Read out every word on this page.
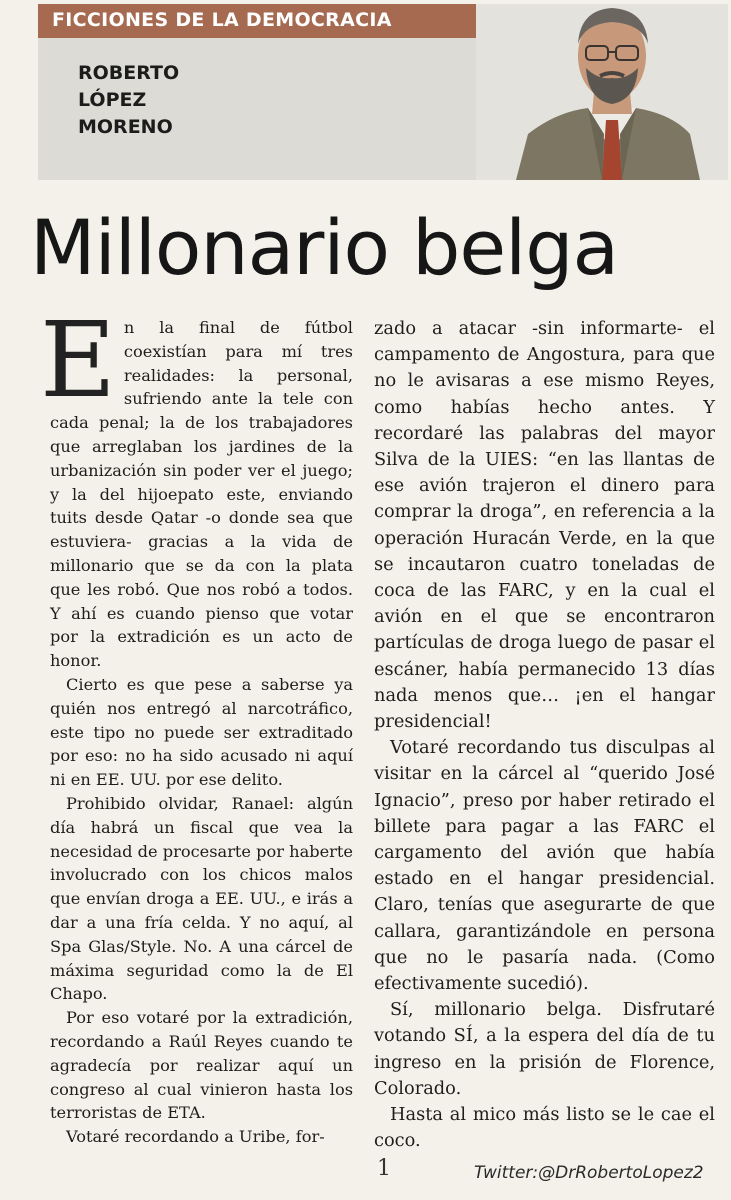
FICCIONES DE LA DEMOCRACIA
ROBERTO
LÓPEZ
MORENO
Millonario belga

En la final de fútbol coexistían para mí tres realidades: la personal, sufriendo ante la tele con cada penal; la de los trabajadores que arreglaban los jardines de la urbanización sin poder ver el juego; y la del hijoepato este, enviando tuits desde Qatar -o donde sea que estuviera- gracias a la vida de millonario que se da con la plata que les robó. Que nos robó a todos. Y ahí es cuando pienso que votar por la extradición es un acto de honor.

Cierto es que pese a saberse ya quién nos entregó al narcotráfico, este tipo no puede ser extraditado por eso: no ha sido acusado ni aquí ni en EE. UU. por ese delito.

Prohibido olvidar, Ranael: algún día habrá un fiscal que vea la necesidad de procesarte por haberte involucrado con los chicos malos que envían droga a EE. UU., e irás a dar a una fría celda. Y no aquí, al Spa Glas/Style. No. A una cárcel de máxima seguridad como la de El Chapo.

Por eso votaré por la extradición, recordando a Raúl Reyes cuando te agradecía por realizar aquí un congreso al cual vinieron hasta los terroristas de ETA.

Votaré recordando a Uribe, for-

zado a atacar -sin informarte- el campamento de Angostura, para que no le avisaras a ese mismo Reyes, como habías hecho antes. Y recordaré las palabras del mayor Silva de la UIES: “en las llantas de ese avión trajeron el dinero para comprar la droga”, en referencia a la operación Huracán Verde, en la que se incautaron cuatro toneladas de coca de las FARC, y en la cual el avión en el que se encontraron partículas de droga luego de pasar el escáner, había permanecido 13 días nada menos que… ¡en el hangar presidencial!

Votaré recordando tus disculpas al visitar en la cárcel al “querido José Ignacio”, preso por haber retirado el billete para pagar a las FARC el cargamento del avión que había estado en el hangar presidencial. Claro, tenías que asegurarte de que callara, garantizándole en persona que no le pasaría nada. (Como efectivamente sucedió).

Sí, millonario belga. Disfrutaré votando SÍ, a la espera del día de tu ingreso en la prisión de Florence, Colorado.

Hasta al mico más listo se le cae el coco.

1	Twitter:@DrRobertoLopez2
